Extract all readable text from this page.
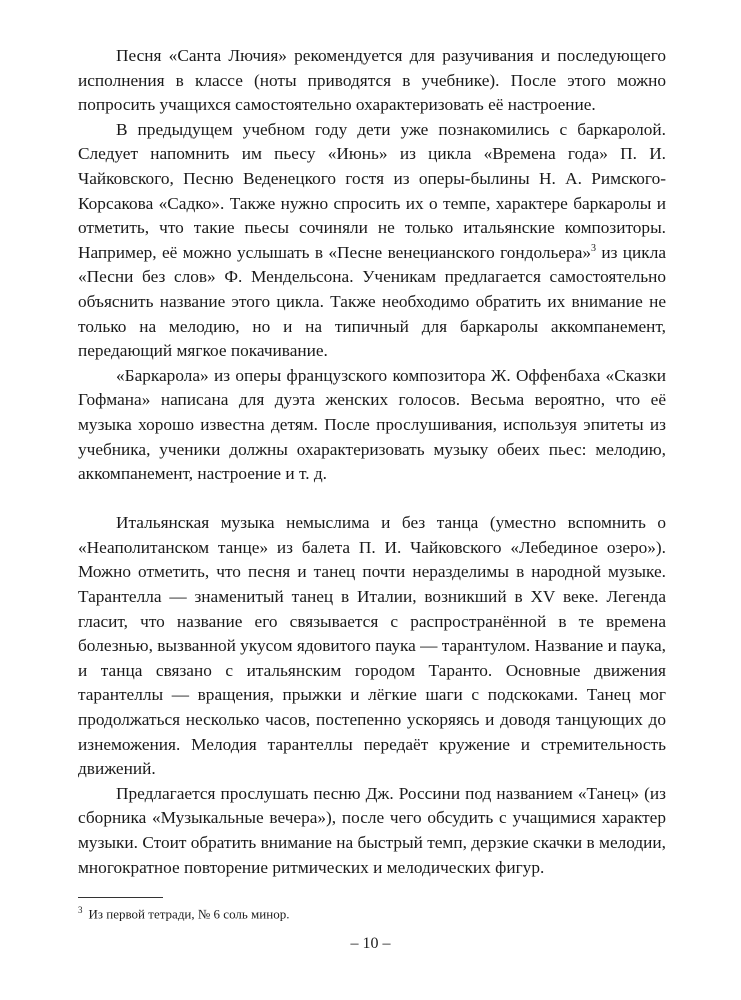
Песня «Санта Лючия» рекомендуется для разучивания и последующего исполнения в классе (ноты приводятся в учебнике). После этого можно попросить учащихся самостоятельно охарактеризовать её настроение.

В предыдущем учебном году дети уже познакомились с баркаролой. Следует напомнить им пьесу «Июнь» из цикла «Времена года» П. И. Чайковского, Песню Веденецкого гостя из оперы-былины Н. А. Римского-Корсакова «Садко». Также нужно спросить их о темпе, характере баркаролы и отметить, что такие пьесы сочиняли не только итальянские композиторы. Например, её можно услышать в «Песне венецианского гондольера»$^3$ из цикла «Песни без слов» Ф. Мендельсона. Ученикам предлагается самостоятельно объяснить название этого цикла. Также необходимо обратить их внимание не только на мелодию, но и на типичный для баркаролы аккомпанемент, передающий мягкое покачивание.

«Баркарола» из оперы французского композитора Ж. Оффенбаха «Сказки Гофмана» написана для дуэта женских голосов. Весьма вероятно, что её музыка хорошо известна детям. После прослушивания, используя эпитеты из учебника, ученики должны охарактеризовать музыку обеих пьес: мелодию, аккомпанемент, настроение и т. д.

Итальянская музыка немыслима и без танца (уместно вспомнить о «Неаполитанском танце» из балета П. И. Чайковского «Лебединое озеро»). Можно отметить, что песня и танец почти неразделимы в народной музыке. Тарантелла — знаменитый танец в Италии, возникший в XV веке. Легенда гласит, что название его связывается с распространённой в те времена болезнью, вызванной укусом ядовитого паука — тарантулом. Название и паука, и танца связано с итальянским городом Таранто. Основные движения тарантеллы — вращения, прыжки и лёгкие шаги с подскоками. Танец мог продолжаться несколько часов, постепенно ускоряясь и доводя танцующих до изнеможения. Мелодия тарантеллы передаёт кружение и стремительность движений.

Предлагается прослушать песню Дж. Россини под названием «Танец» (из сборника «Музыкальные вечера»), после чего обсудить с учащимися характер музыки. Стоит обратить внимание на быстрый темп, дерзкие скачки в мелодии, многократное повторение ритмических и мелодических фигур.

$^3$ Из первой тетради, № 6 соль минор.
– 10 –
